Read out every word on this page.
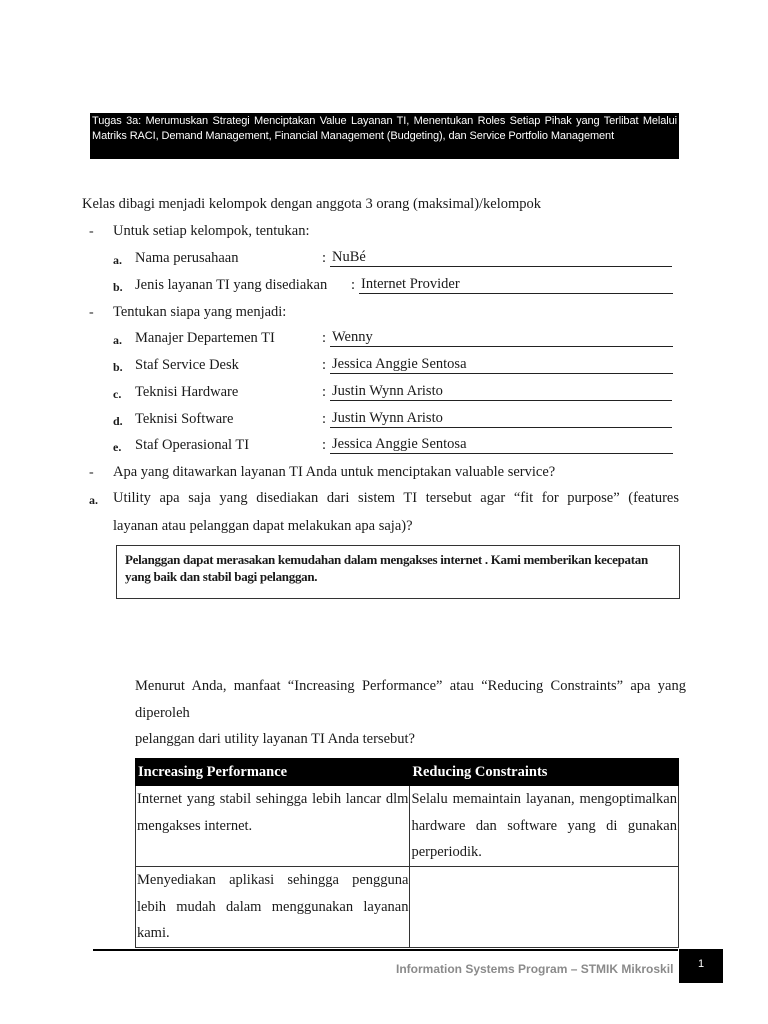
Tugas 3a: Merumuskan Strategi Menciptakan Value Layanan TI, Menentukan Roles Setiap Pihak yang Terlibat Melalui Matriks RACI, Demand Management, Financial Management (Budgeting), dan Service Portfolio Management
Kelas dibagi menjadi kelompok dengan anggota 3 orang (maksimal)/kelompok
- Untuk setiap kelompok, tentukan:
a. Nama perusahaan	: NuBé
b. Jenis layanan TI yang disediakan : Internet Provider
- Tentukan siapa yang menjadi:
a. Manajer Departemen TI	: Wenny
b. Staf Service Desk	: Jessica Anggie Sentosa
c. Teknisi Hardware	: Justin Wynn Aristo
d. Teknisi Software	: Justin Wynn Aristo
e. Staf Operasional TI	: Jessica Anggie Sentosa
- Apa yang ditawarkan layanan TI Anda untuk menciptakan valuable service?
a. Utility apa saja yang disediakan dari sistem TI tersebut agar “fit for purpose” (features
layanan atau pelanggan dapat melakukan apa saja)?
Pelanggan dapat merasakan kemudahan dalam mengakses internet . Kami memberikan kecepatan yang baik dan stabil bagi pelanggan.
Menurut Anda, manfaat “Increasing Performance” atau “Reducing Constraints” apa yang
diperoleh
pelanggan dari utility layanan TI Anda tersebut?
Increasing Performance	Reducing Constraints
Internet yang stabil sehingga lebih lancar dlm mengakses internet.	Selalu memaintain layanan, mengoptimalkan hardware dan software yang di gunakan perperiodik.
Menyediakan aplikasi sehingga pengguna lebih mudah dalam menggunakan layanan kami.	
Information Systems Program – STMIK Mikroskil	1
